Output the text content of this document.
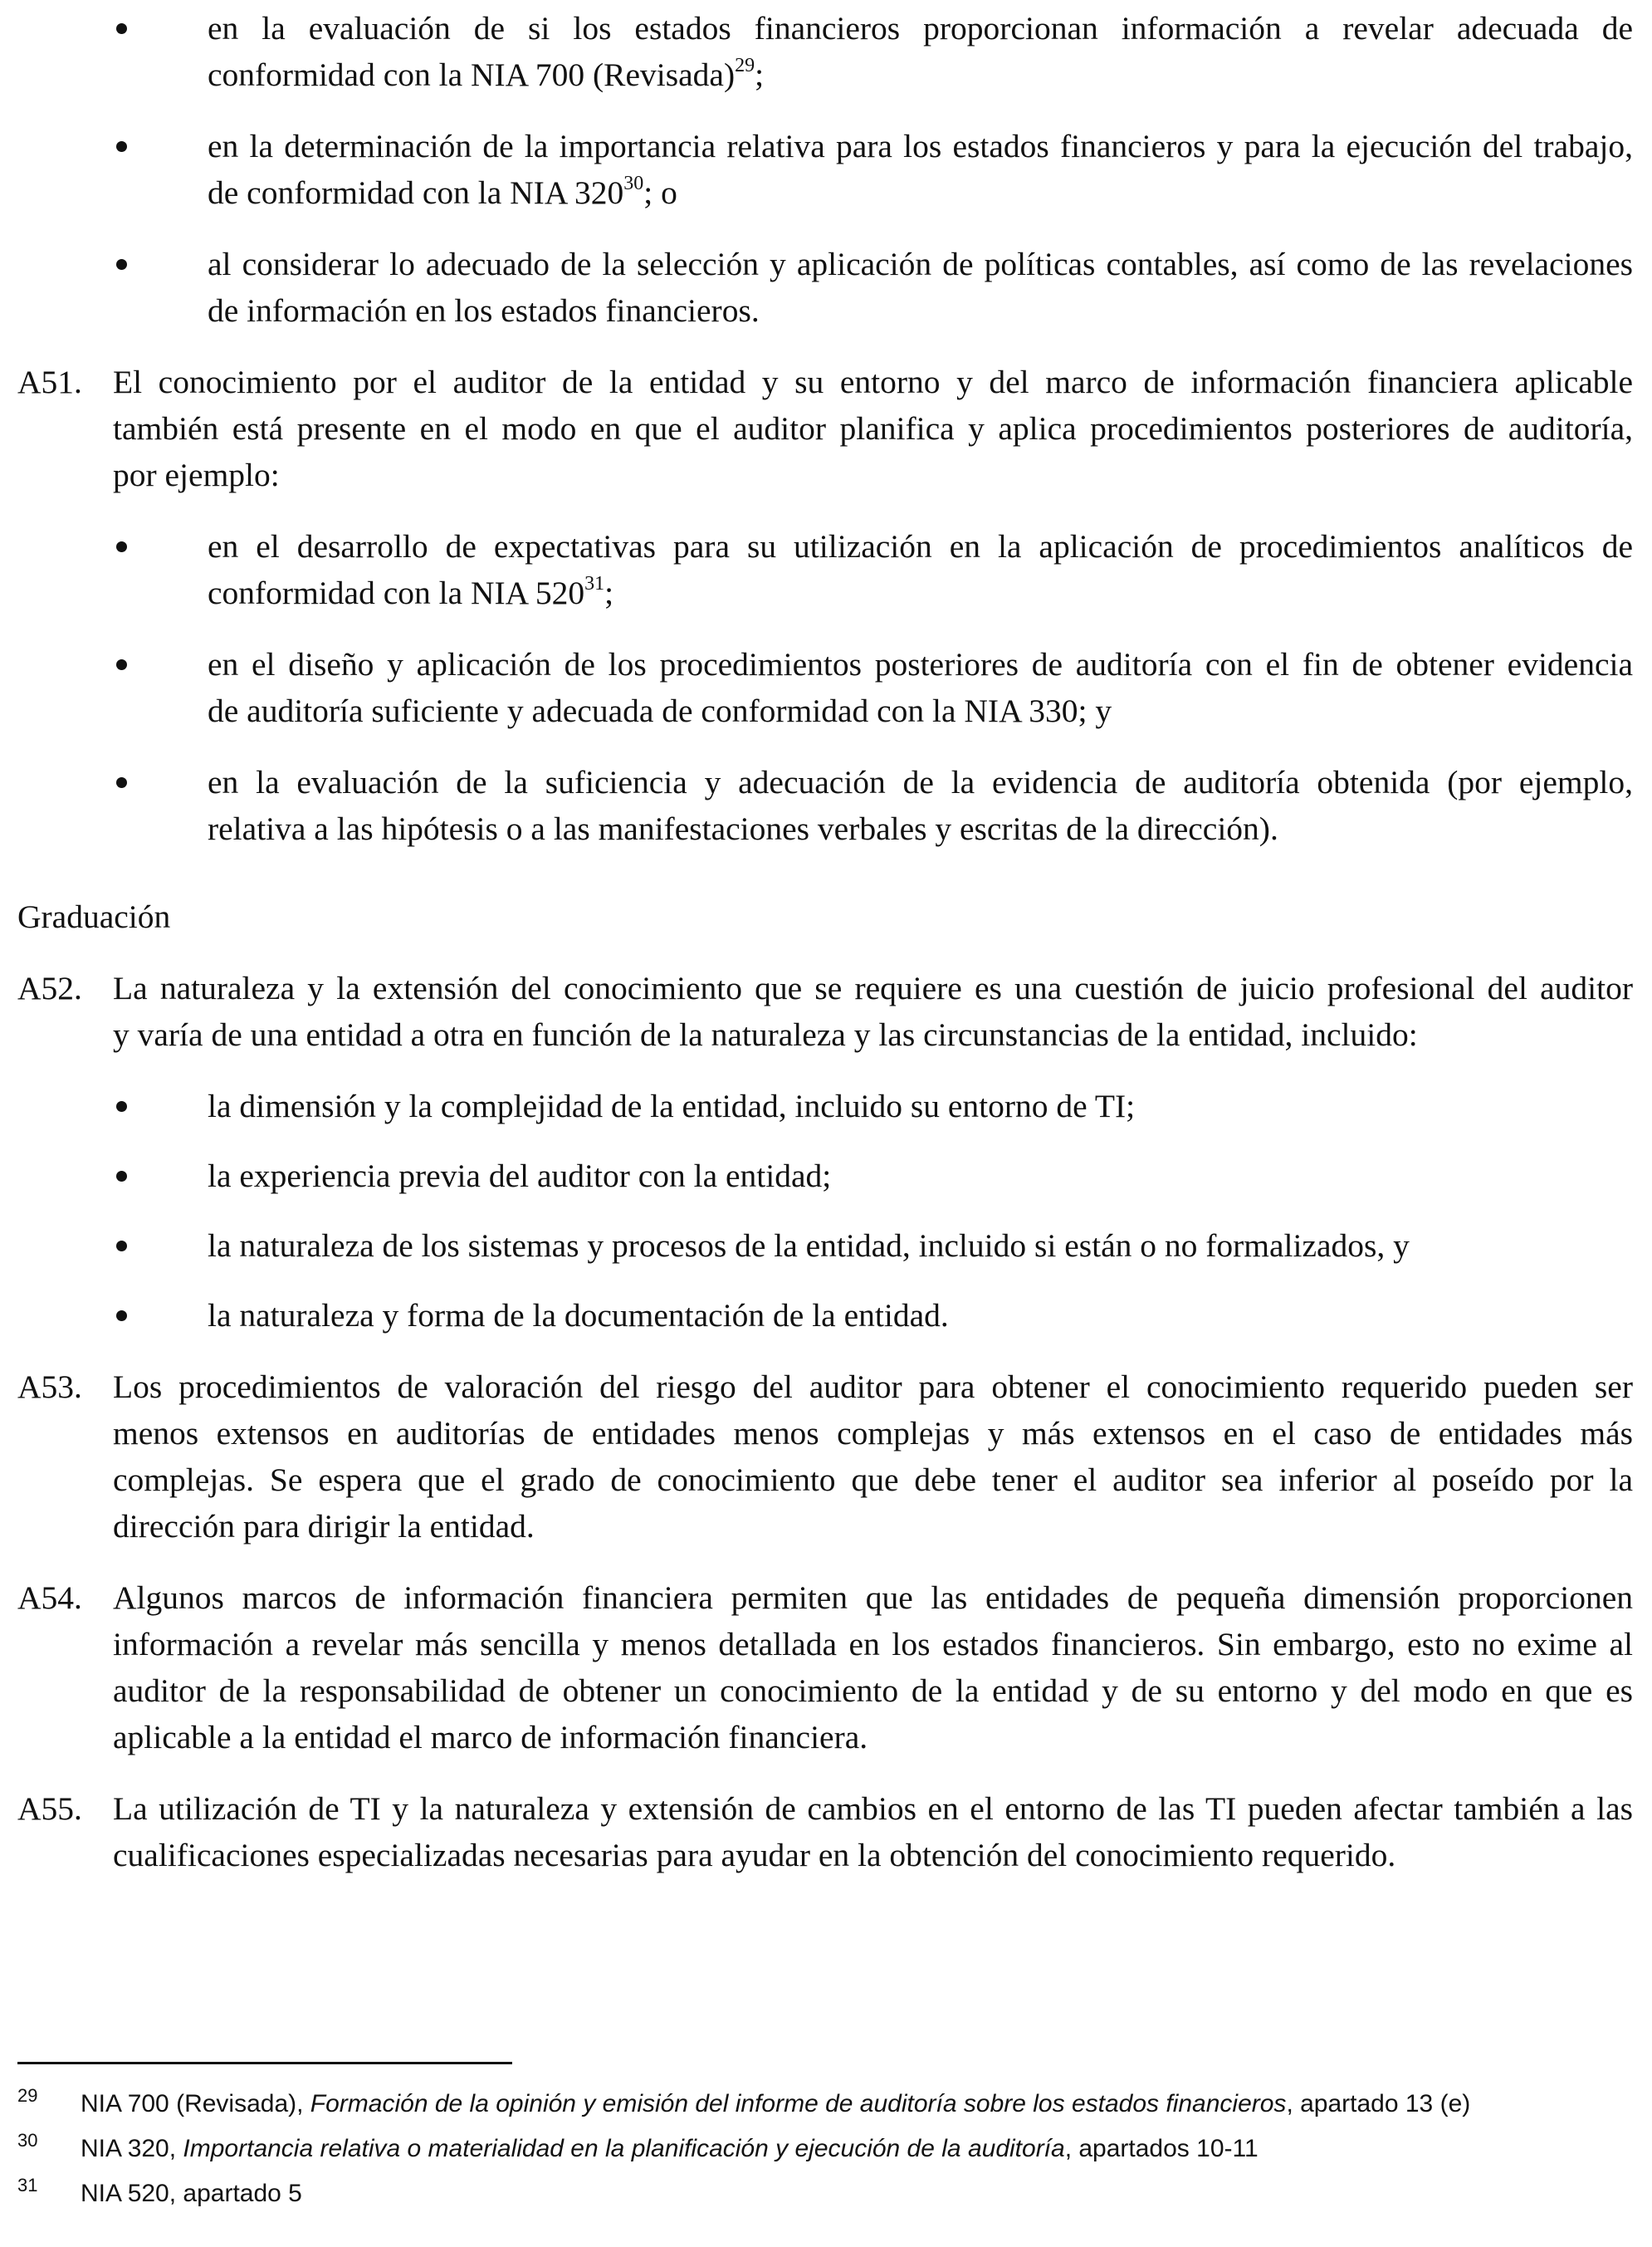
en la evaluación de si los estados financieros proporcionan información a revelar adecuada de
conformidad con la NIA 700 (Revisada)$^{29}$;
en la determinación de la importancia relativa para los estados financieros y para la ejecución del trabajo,
de conformidad con la NIA $320^{30}$; o
al considerar lo adecuado de la selección y aplicación de políticas contables, así como de las revelaciones
de información en los estados financieros.
A51. El conocimiento por el auditor de la entidad y su entorno y del marco de información financiera aplicable
también está presente en el modo en que el auditor planifica y aplica procedimientos posteriores de auditoría,
por ejemplo:
en el desarrollo de expectativas para su utilización en la aplicación de procedimientos analíticos de
conformidad con la NIA $520^{31}$;
en el diseño y aplicación de los procedimientos posteriores de auditoría con el fin de obtener evidencia
de auditoría suficiente y adecuada de conformidad con la NIA 330; y
en la evaluación de la suficiencia y adecuación de la evidencia de auditoría obtenida (por ejemplo,
relativa a las hipótesis o a las manifestaciones verbales y escritas de la dirección).
Graduación
A52. La naturaleza y la extensión del conocimiento que se requiere es una cuestión de juicio profesional del auditor
y varía de una entidad a otra en función de la naturaleza y las circunstancias de la entidad, incluido:
la dimensión y la complejidad de la entidad, incluido su entorno de TI;
la experiencia previa del auditor con la entidad;
la naturaleza de los sistemas y procesos de la entidad, incluido si están o no formalizados, y
la naturaleza y forma de la documentación de la entidad.
A53. Los procedimientos de valoración del riesgo del auditor para obtener el conocimiento requerido pueden ser
menos extensos en auditorías de entidades menos complejas y más extensos en el caso de entidades más
complejas. Se espera que el grado de conocimiento que debe tener el auditor sea inferior al poseído por la
dirección para dirigir la entidad.
A54. Algunos marcos de información financiera permiten que las entidades de pequeña dimensión proporcionen
información a revelar más sencilla y menos detallada en los estados financieros. Sin embargo, esto no exime al
auditor de la responsabilidad de obtener un conocimiento de la entidad y de su entorno y del modo en que es
aplicable a la entidad el marco de información financiera.
A55. La utilización de TI y la naturaleza y extensión de cambios en el entorno de las TI pueden afectar también a las
cualificaciones especializadas necesarias para ayudar en la obtención del conocimiento requerido.
29 NIA 700 (Revisada), Formación de la opinión y emisión del informe de auditoría sobre los estados financieros, apartado 13 (e)
30 NIA 320, Importancia relativa o materialidad en la planificación y ejecución de la auditoría, apartados 10-11
31 NIA 520, apartado 5
